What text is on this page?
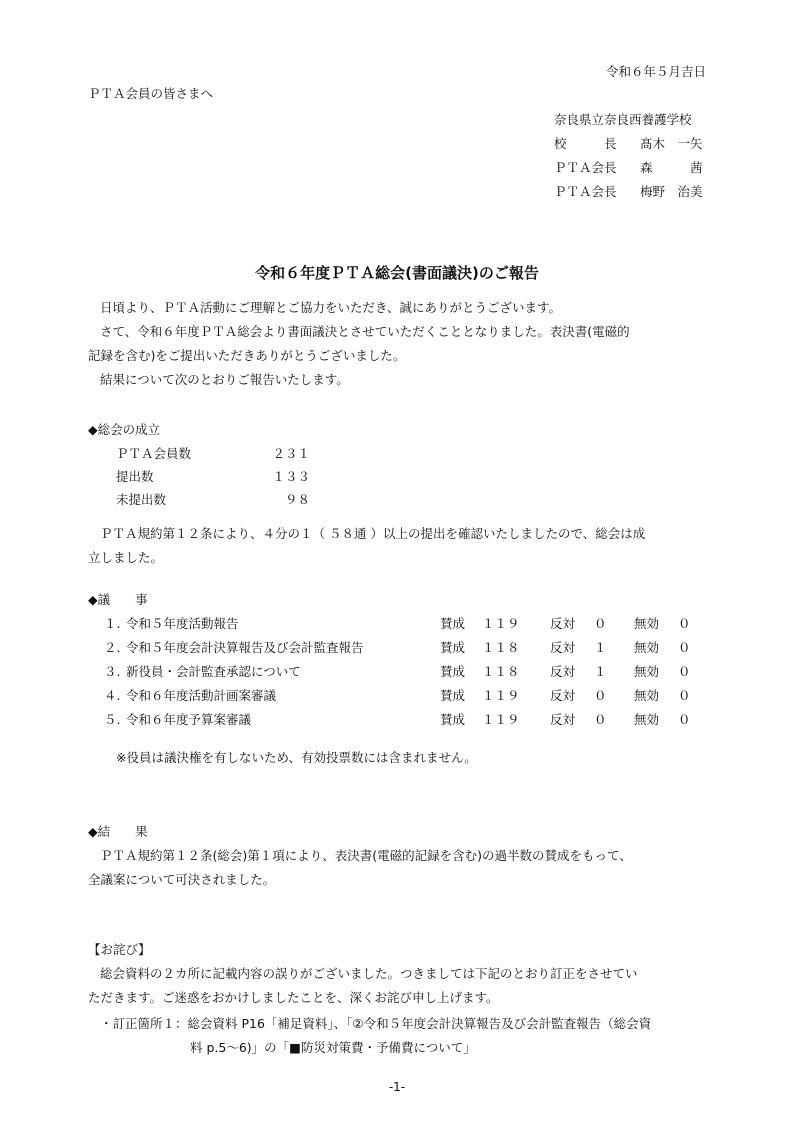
令和６年５月吉日
ＰＴＡ会員の皆さまへ
奈良県立奈良西養護学校
校　　　長 髙木　一矢
ＰＴＡ会長 森　　　茜
ＰＴＡ会長 梅野　治美
令和６年度ＰＴＡ総会(書面議決)のご報告
日頃より、ＰＴＡ活動にご理解とご協力をいただき、誠にありがとうございます。
さて、令和６年度ＰＴＡ総会より書面議決とさせていただくこととなりました。表決書(電磁的
記録を含む)をご提出いただきありがとうございました。
結果について次のとおりご報告いたします。
◆総会の成立
ＰＴＡ会員数	２３１
提出数	１３３
未提出数	９８
ＰＴＡ規約第１２条により、４分の１（ ５８通 ）以上の提出を確認いたしましたので、総会は成
立しました。
◆議　　事
１. 令和５年度活動報告	賛成 １１９ 反対 ０ 無効 ０
２. 令和５年度会計決算報告及び会計監査報告	賛成 １１８ 反対 １ 無効 ０
３. 新役員・会計監査承認について	賛成 １１８ 反対 １ 無効 ０
４. 令和６年度活動計画案審議	賛成 １１９ 反対 ０ 無効 ０
５. 令和６年度予算案審議	賛成 １１９ 反対 ０ 無効 ０
※役員は議決権を有しないため、有効投票数には含まれません。
◆結　　果
ＰＴＡ規約第１２条(総会)第１項により、表決書(電磁的記録を含む)の過半数の賛成をもって、
全議案について可決されました。
【お詫び】
総会資料の２カ所に記載内容の誤りがございました。つきましては下記のとおり訂正をさせてい
ただきます。ご迷惑をおかけしましたことを、深くお詫び申し上げます。
・訂正箇所１：総会資料 P16「補足資料」、「②令和５年度会計決算報告及び会計監査報告（総会資
料 p.5～6)」の「■防災対策費・予備費について」
-1-
